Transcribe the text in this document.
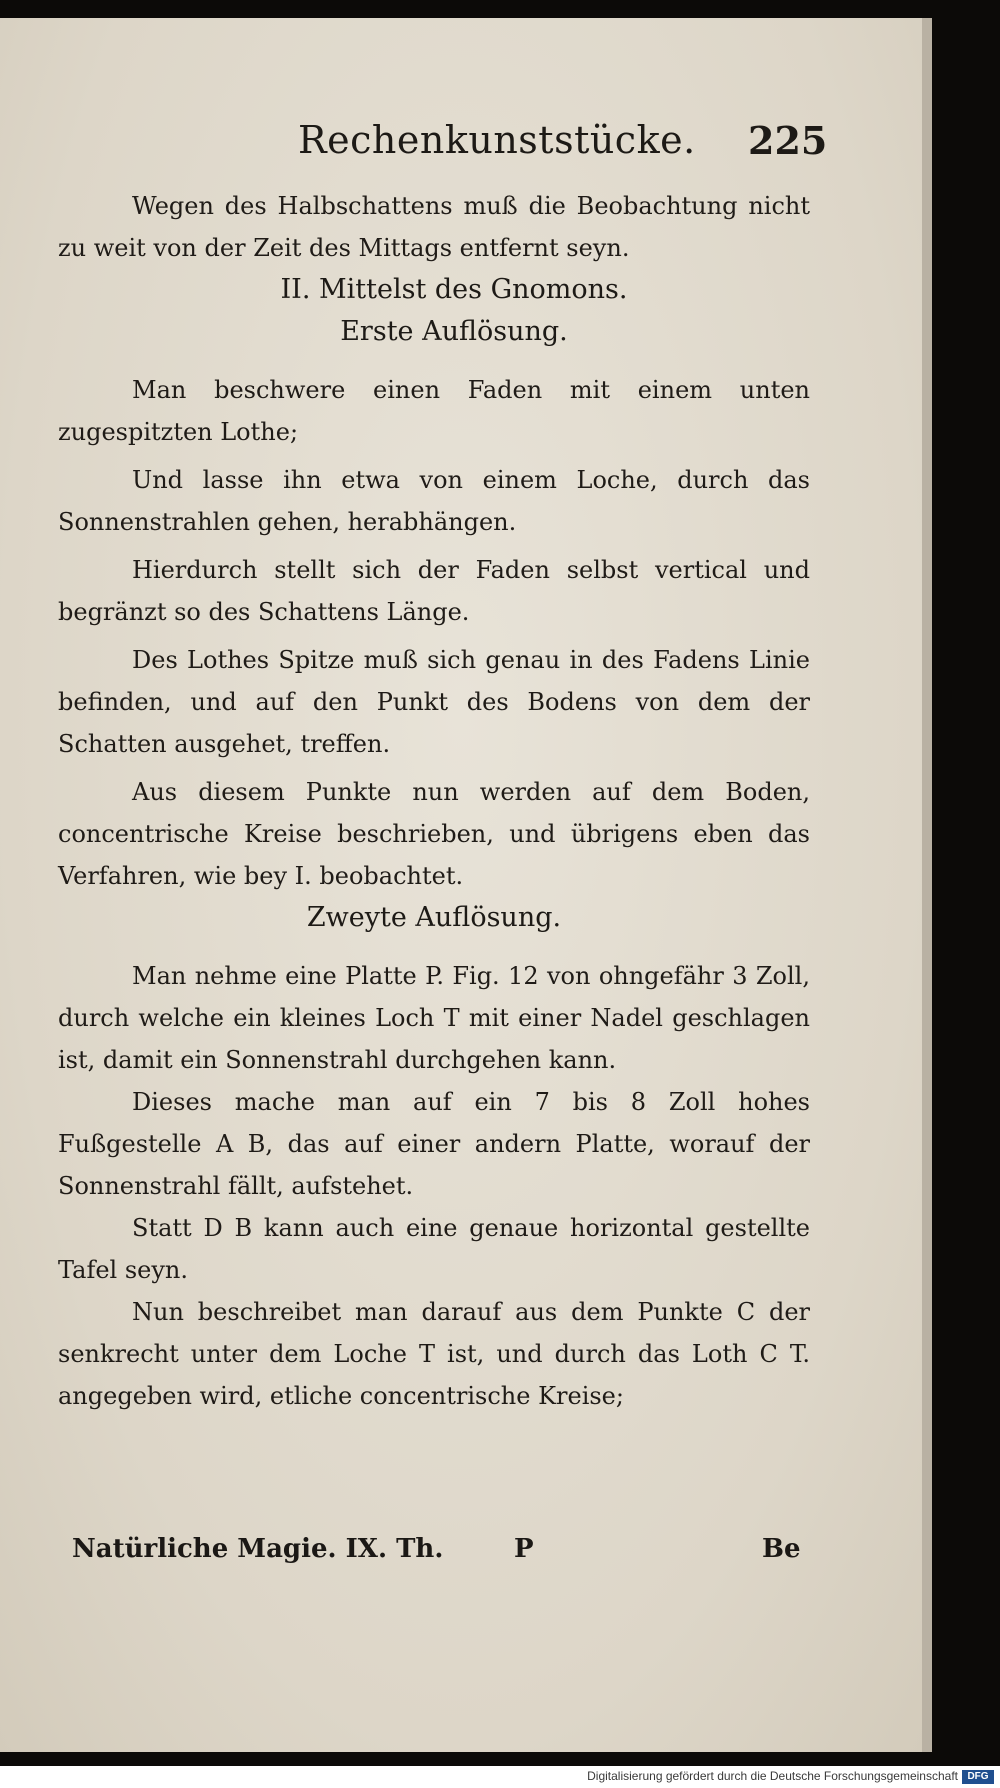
Rechenkunststücke. 225

Wegen des Halbschattens muß die Beobachtung nicht zu weit von der Zeit des Mittags entfernt seyn.

II. Mittelst des Gnomons.

Erste Auflösung.

Man beschwere einen Faden mit einem unten zugespitzten Lothe;

Und lasse ihn etwa von einem Loche, durch das Sonnenstrahlen gehen, herabhängen.

Hierdurch stellt sich der Faden selbst vertical und begränzt so des Schattens Länge.

Des Lothes Spitze muß sich genau in des Fadens Linie befinden, und auf den Punkt des Bodens von dem der Schatten ausgehet, treffen.

Aus diesem Punkte nun werden auf dem Boden, concentrische Kreise beschrieben, und übrigens eben das Verfahren, wie bey I. beobachtet.

Zweyte Auflösung.

Man nehme eine Platte P. Fig. 12 von ohngefähr 3 Zoll, durch welche ein kleines Loch T mit einer Nadel geschlagen ist, damit ein Sonnenstrahl durchgehen kann.

Dieses mache man auf ein 7 bis 8 Zoll hohes Fußgestelle A B, das auf einer andern Platte, worauf der Sonnenstrahl fällt, aufstehet.

Statt D B kann auch eine genaue horizontal gestellte Tafel seyn.

Nun beschreibet man darauf aus dem Punkte C der senkrecht unter dem Loche T ist, und durch das Loth C T. angegeben wird, etliche concentrische Kreise;

Natürliche Magie. IX. Th.	P	Be
Digitalisierung gefördert durch die Deutsche Forschungsgemeinschaft DFG
